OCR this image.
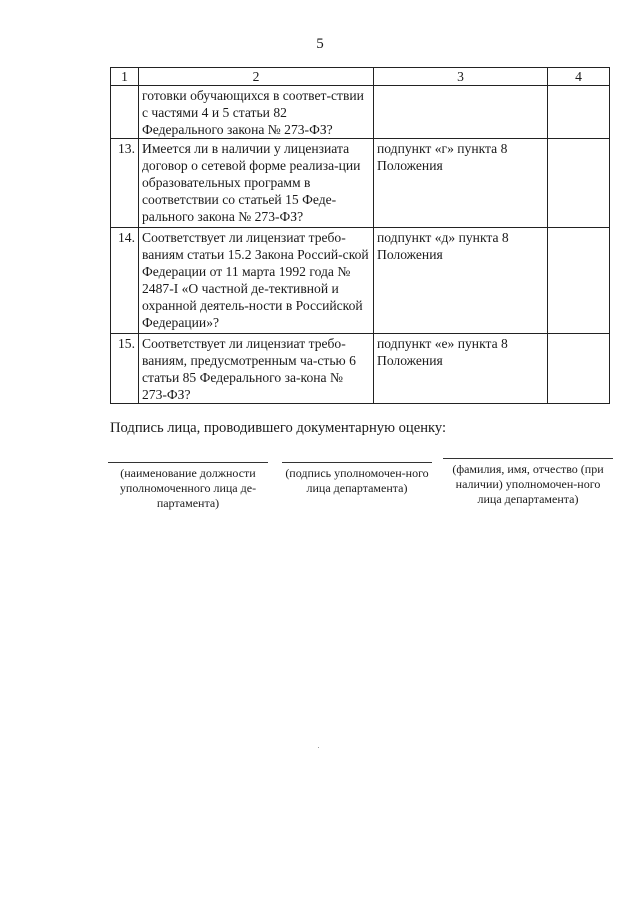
5
1	2	3	4
	готовки обучающихся в соответ-ствии с частями 4 и 5 статьи 82 Федерального закона № 273-ФЗ?		
13.	Имеется ли в наличии у лицензиата договор о сетевой форме реализа-ции образовательных программ в соответствии со статьей 15 Феде-рального закона № 273-ФЗ?	подпункт «г» пункта 8 Положения	
14.	Соответствует ли лицензиат требо-ваниям статьи 15.2 Закона Россий-ской Федерации от 11 марта 1992 года № 2487-I «О частной де-тективной и охранной деятель-ности в Российской Федерации»?	подпункт «д» пункта 8 Положения	
15.	Соответствует ли лицензиат требо-ваниям, предусмотренным ча-стью 6 статьи 85 Федерального за-кона № 273-ФЗ?	подпункт «е» пункта 8 Положения	
Подпись лица, проводившего документарную оценку:
(наименование должности уполномоченного лица де-партамента)
(подпись уполномочен-ного лица департамента)
(фамилия, имя, отчество (при наличии) уполномочен-ного лица департамента)
